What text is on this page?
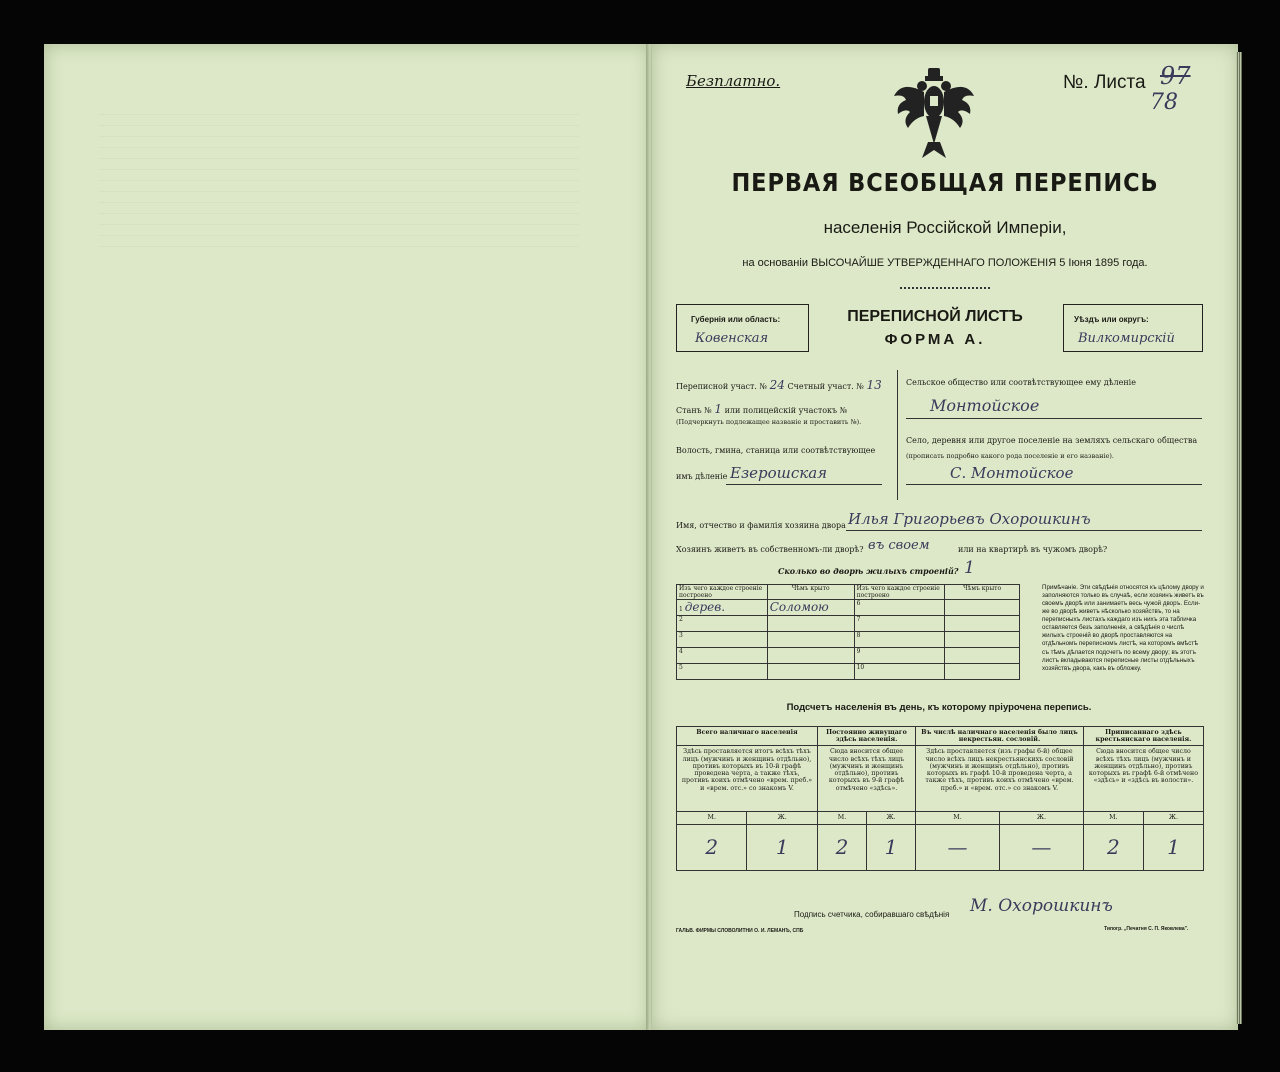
Безплатно.	№. Листа 97
78
ПЕРВАЯ ВСЕОБЩАЯ ПЕРЕПИСЬ
населенія Россійской Имперіи,
на основаніи ВЫСОЧАЙШЕ УТВЕРЖДЕННАГО ПОЛОЖЕНІЯ 5 Іюня 1895 года.
Губернія или область:
Ковенская
ПЕРЕПИСНОЙ ЛИСТЪ
ФОРМА А.
Уѣздъ или округъ:
Вилкомирскій
Переписной участ. № 24 Счетный участ. № 13
Станъ № 1 или полицейскій участокъ №
(Подчеркнуть подлежащее названіе и проставить №).
Волость, гмина, станица или соотвѣтствующее
имъ дѣленіе Езерошская
Сельское общество или соотвѣтствующее ему дѣленіе
Монтойское
Село, деревня или другое поселеніе на земляхъ сельскаго общества
(прописать подробно какого рода поселеніе и его названіе).
С. Монтойское
Имя, отчество и фамилія хозяина двора Илья Григорьевъ Охорошкинъ
Хозяинъ живетъ въ собственномъ-ли дворѣ? въ своем	или на квартирѣ въ чужомъ дворѣ?
Сколько во дворѣ жилыхъ строеній? 1
Изъ чего каждое строеніе построено	Чѣмъ крыто	Изъ чего каждое строеніе построено	Чѣмъ крыто
1 дерев.	Соломою	6	
2		7	
3		8	
4		9	
5		10	
Примѣчаніе. Эти свѣдѣнія относятся къ цѣлому двору и заполняются только въ случаѣ, если хозяинъ живетъ въ своемъ дворѣ или занимаетъ весь чужой дворъ. Если-же во дворѣ живетъ нѣсколько хозяйствъ, то на переписныхъ листахъ каждаго изъ нихъ эта табличка оставляется безъ заполненія, а свѣдѣнія о числѣ жилыхъ строеній во дворѣ проставляются на отдѣльномъ переписномъ листѣ, на которомъ вмѣстѣ съ тѣмъ дѣлается подсчетъ по всему двору; въ этотъ листъ вкладываются переписные листы отдѣльныхъ хозяйствъ двора, какъ въ обложку.
Подсчетъ населенія въ день, къ которому пріурочена перепись.
Всего наличнаго населенія		Постоянно живущаго здѣсь населенія.		Въ числѣ наличнаго населенія было лицъ некрестьян. сословій.		Приписаннаго здѣсь крестьянскаго населенія.	
Здѣсь проставляется итогъ всѣхъ тѣхъ лицъ (мужчинъ и женщинъ отдѣльно), противъ которыхъ въ 10-й графѣ проведена черта, а также тѣхъ, противъ коихъ отмѣчено «врем. преб.» и «врем. отс.» со знакомъ V.		Сюда вносится общее число всѣхъ тѣхъ лицъ (мужчинъ и женщинъ отдѣльно), противъ которыхъ въ 9-й графѣ отмѣчено «здѣсь».		Здѣсь проставляется (изъ графы 6-й) общее число всѣхъ лицъ некрестьянскихъ сословій (мужчинъ и женщинъ отдѣльно), противъ которыхъ въ графѣ 10-й проведена черта, а также тѣхъ, противъ коихъ отмѣчено «врем. преб.» и «врем. отс.» со знакомъ V.		Сюда вносится общее число всѣхъ тѣхъ лицъ (мужчинъ и женщинъ отдѣльно), противъ которыхъ въ графѣ 6-й отмѣчено «здѣсь» и «здѣсь въ волости».	
М.	Ж.	М.	Ж.	М.	Ж.	М.	Ж.
2	1	2	1	—	—	2	1
Подпись счетчика, собиравшаго свѣдѣнія М. Охорошкинъ
ГАЛЬВ. ФИРМЫ СЛОВОЛИТНИ О. И. ЛЕМАНЪ, СПБ	Типогр. „Печатня С. П. Яковлева".
